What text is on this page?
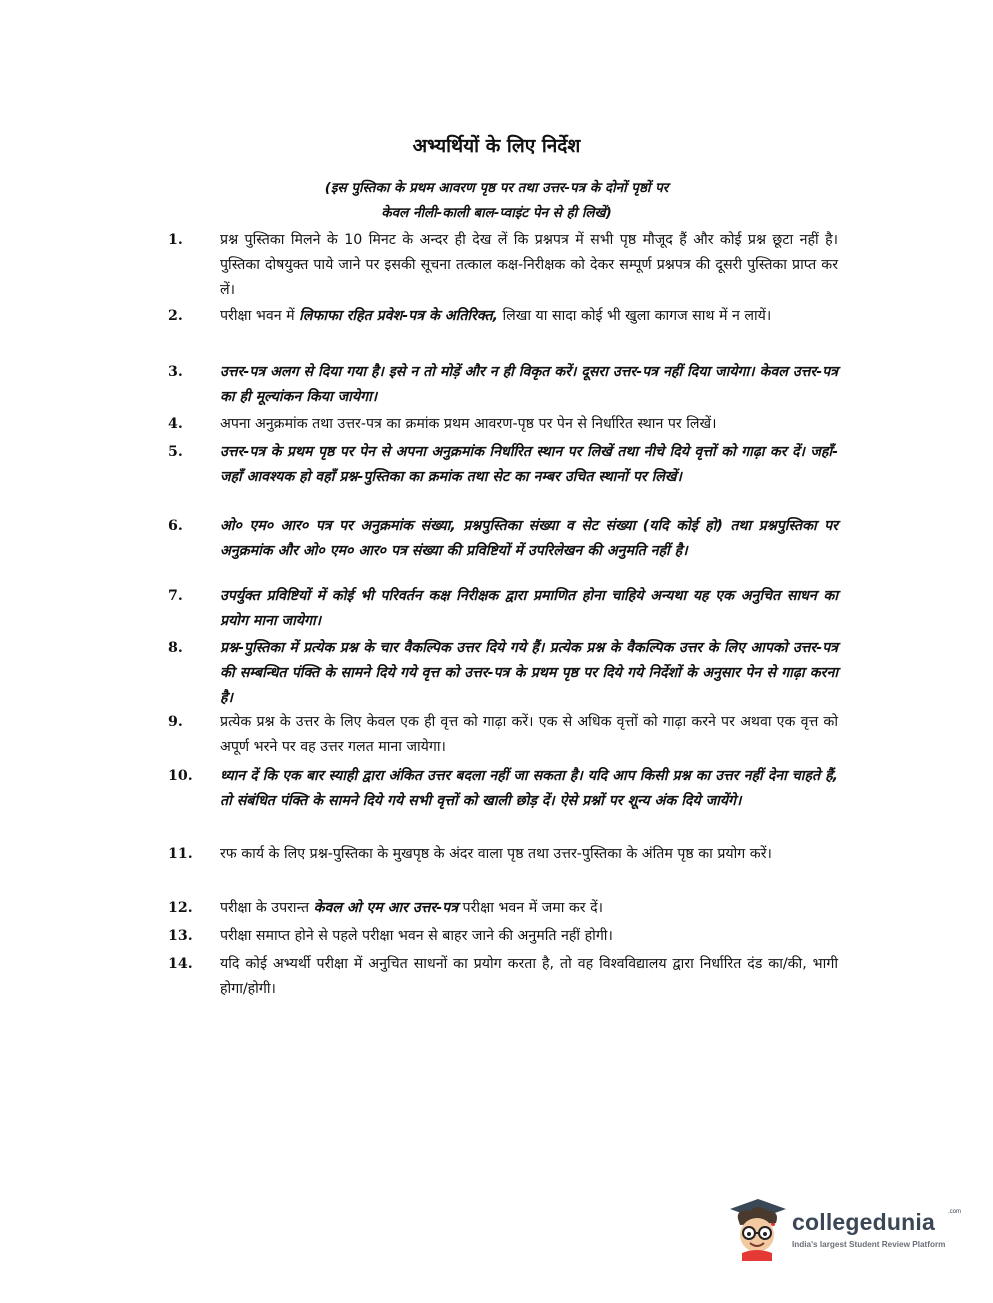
अभ्यर्थियों के लिए निर्देश
(इस पुस्तिका के प्रथम आवरण पृष्ठ पर तथा उत्तर-पत्र के दोनों पृष्ठों पर
केवल नीली-काली बाल-प्वाइंट पेन से ही लिखें)
1.	प्रश्न पुस्तिका मिलने के 10 मिनट के अन्दर ही देख लें कि प्रश्नपत्र में सभी पृष्ठ मौजूद हैं और कोई प्रश्न छूटा नहीं है। पुस्तिका दोषयुक्त पाये जाने पर इसकी सूचना तत्काल कक्ष-निरीक्षक को देकर सम्पूर्ण प्रश्नपत्र की दूसरी पुस्तिका प्राप्त कर लें।
2.	परीक्षा भवन में लिफाफा रहित प्रवेश-पत्र के अतिरिक्त, लिखा या सादा कोई भी खुला कागज साथ में न लायें।
3.	उत्तर-पत्र अलग से दिया गया है। इसे न तो मोड़ें और न ही विकृत करें। दूसरा उत्तर-पत्र नहीं दिया जायेगा। केवल उत्तर-पत्र का ही मूल्यांकन किया जायेगा।
4.	अपना अनुक्रमांक तथा उत्तर-पत्र का क्रमांक प्रथम आवरण-पृष्ठ पर पेन से निर्धारित स्थान पर लिखें।
5.	उत्तर-पत्र के प्रथम पृष्ठ पर पेन से अपना अनुक्रमांक निर्धारित स्थान पर लिखें तथा नीचे दिये वृत्तों को गाढ़ा कर दें। जहाँ-जहाँ आवश्यक हो वहाँ प्रश्न-पुस्तिका का क्रमांक तथा सेट का नम्बर उचित स्थानों पर लिखें।
6.	ओ० एम० आर० पत्र पर अनुक्रमांक संख्या, प्रश्नपुस्तिका संख्या व सेट संख्या (यदि कोई हो) तथा प्रश्नपुस्तिका पर अनुक्रमांक और ओ० एम० आर० पत्र संख्या की प्रविष्टियों में उपरिलेखन की अनुमति नहीं है।
7.	उपर्युक्त प्रविष्टियों में कोई भी परिवर्तन कक्ष निरीक्षक द्वारा प्रमाणित होना चाहिये अन्यथा यह एक अनुचित साधन का प्रयोग माना जायेगा।
8.	प्रश्न-पुस्तिका में प्रत्येक प्रश्न के चार वैकल्पिक उत्तर दिये गये हैं। प्रत्येक प्रश्न के वैकल्पिक उत्तर के लिए आपको उत्तर-पत्र की सम्बन्धित पंक्ति के सामने दिये गये वृत्त को उत्तर-पत्र के प्रथम पृष्ठ पर दिये गये निर्देशों के अनुसार पेन से गाढ़ा करना है।
9.	प्रत्येक प्रश्न के उत्तर के लिए केवल एक ही वृत्त को गाढ़ा करें। एक से अधिक वृत्तों को गाढ़ा करने पर अथवा एक वृत्त को अपूर्ण भरने पर वह उत्तर गलत माना जायेगा।
10.	ध्यान दें कि एक बार स्याही द्वारा अंकित उत्तर बदला नहीं जा सकता है। यदि आप किसी प्रश्न का उत्तर नहीं देना चाहते हैं, तो संबंधित पंक्ति के सामने दिये गये सभी वृत्तों को खाली छोड़ दें। ऐसे प्रश्नों पर शून्य अंक दिये जायेंगे।
11.	रफ कार्य के लिए प्रश्न-पुस्तिका के मुखपृष्ठ के अंदर वाला पृष्ठ तथा उत्तर-पुस्तिका के अंतिम पृष्ठ का प्रयोग करें।
12.	परीक्षा के उपरान्त केवल ओ एम आर उत्तर-पत्र परीक्षा भवन में जमा कर दें।
13.	परीक्षा समाप्त होने से पहले परीक्षा भवन से बाहर जाने की अनुमति नहीं होगी।
14.	यदि कोई अभ्यर्थी परीक्षा में अनुचित साधनों का प्रयोग करता है, तो वह विश्वविद्यालय द्वारा निर्धारित दंड का/की, भागी होगा/होगी।
collegedunia .com
India's largest Student Review Platform
